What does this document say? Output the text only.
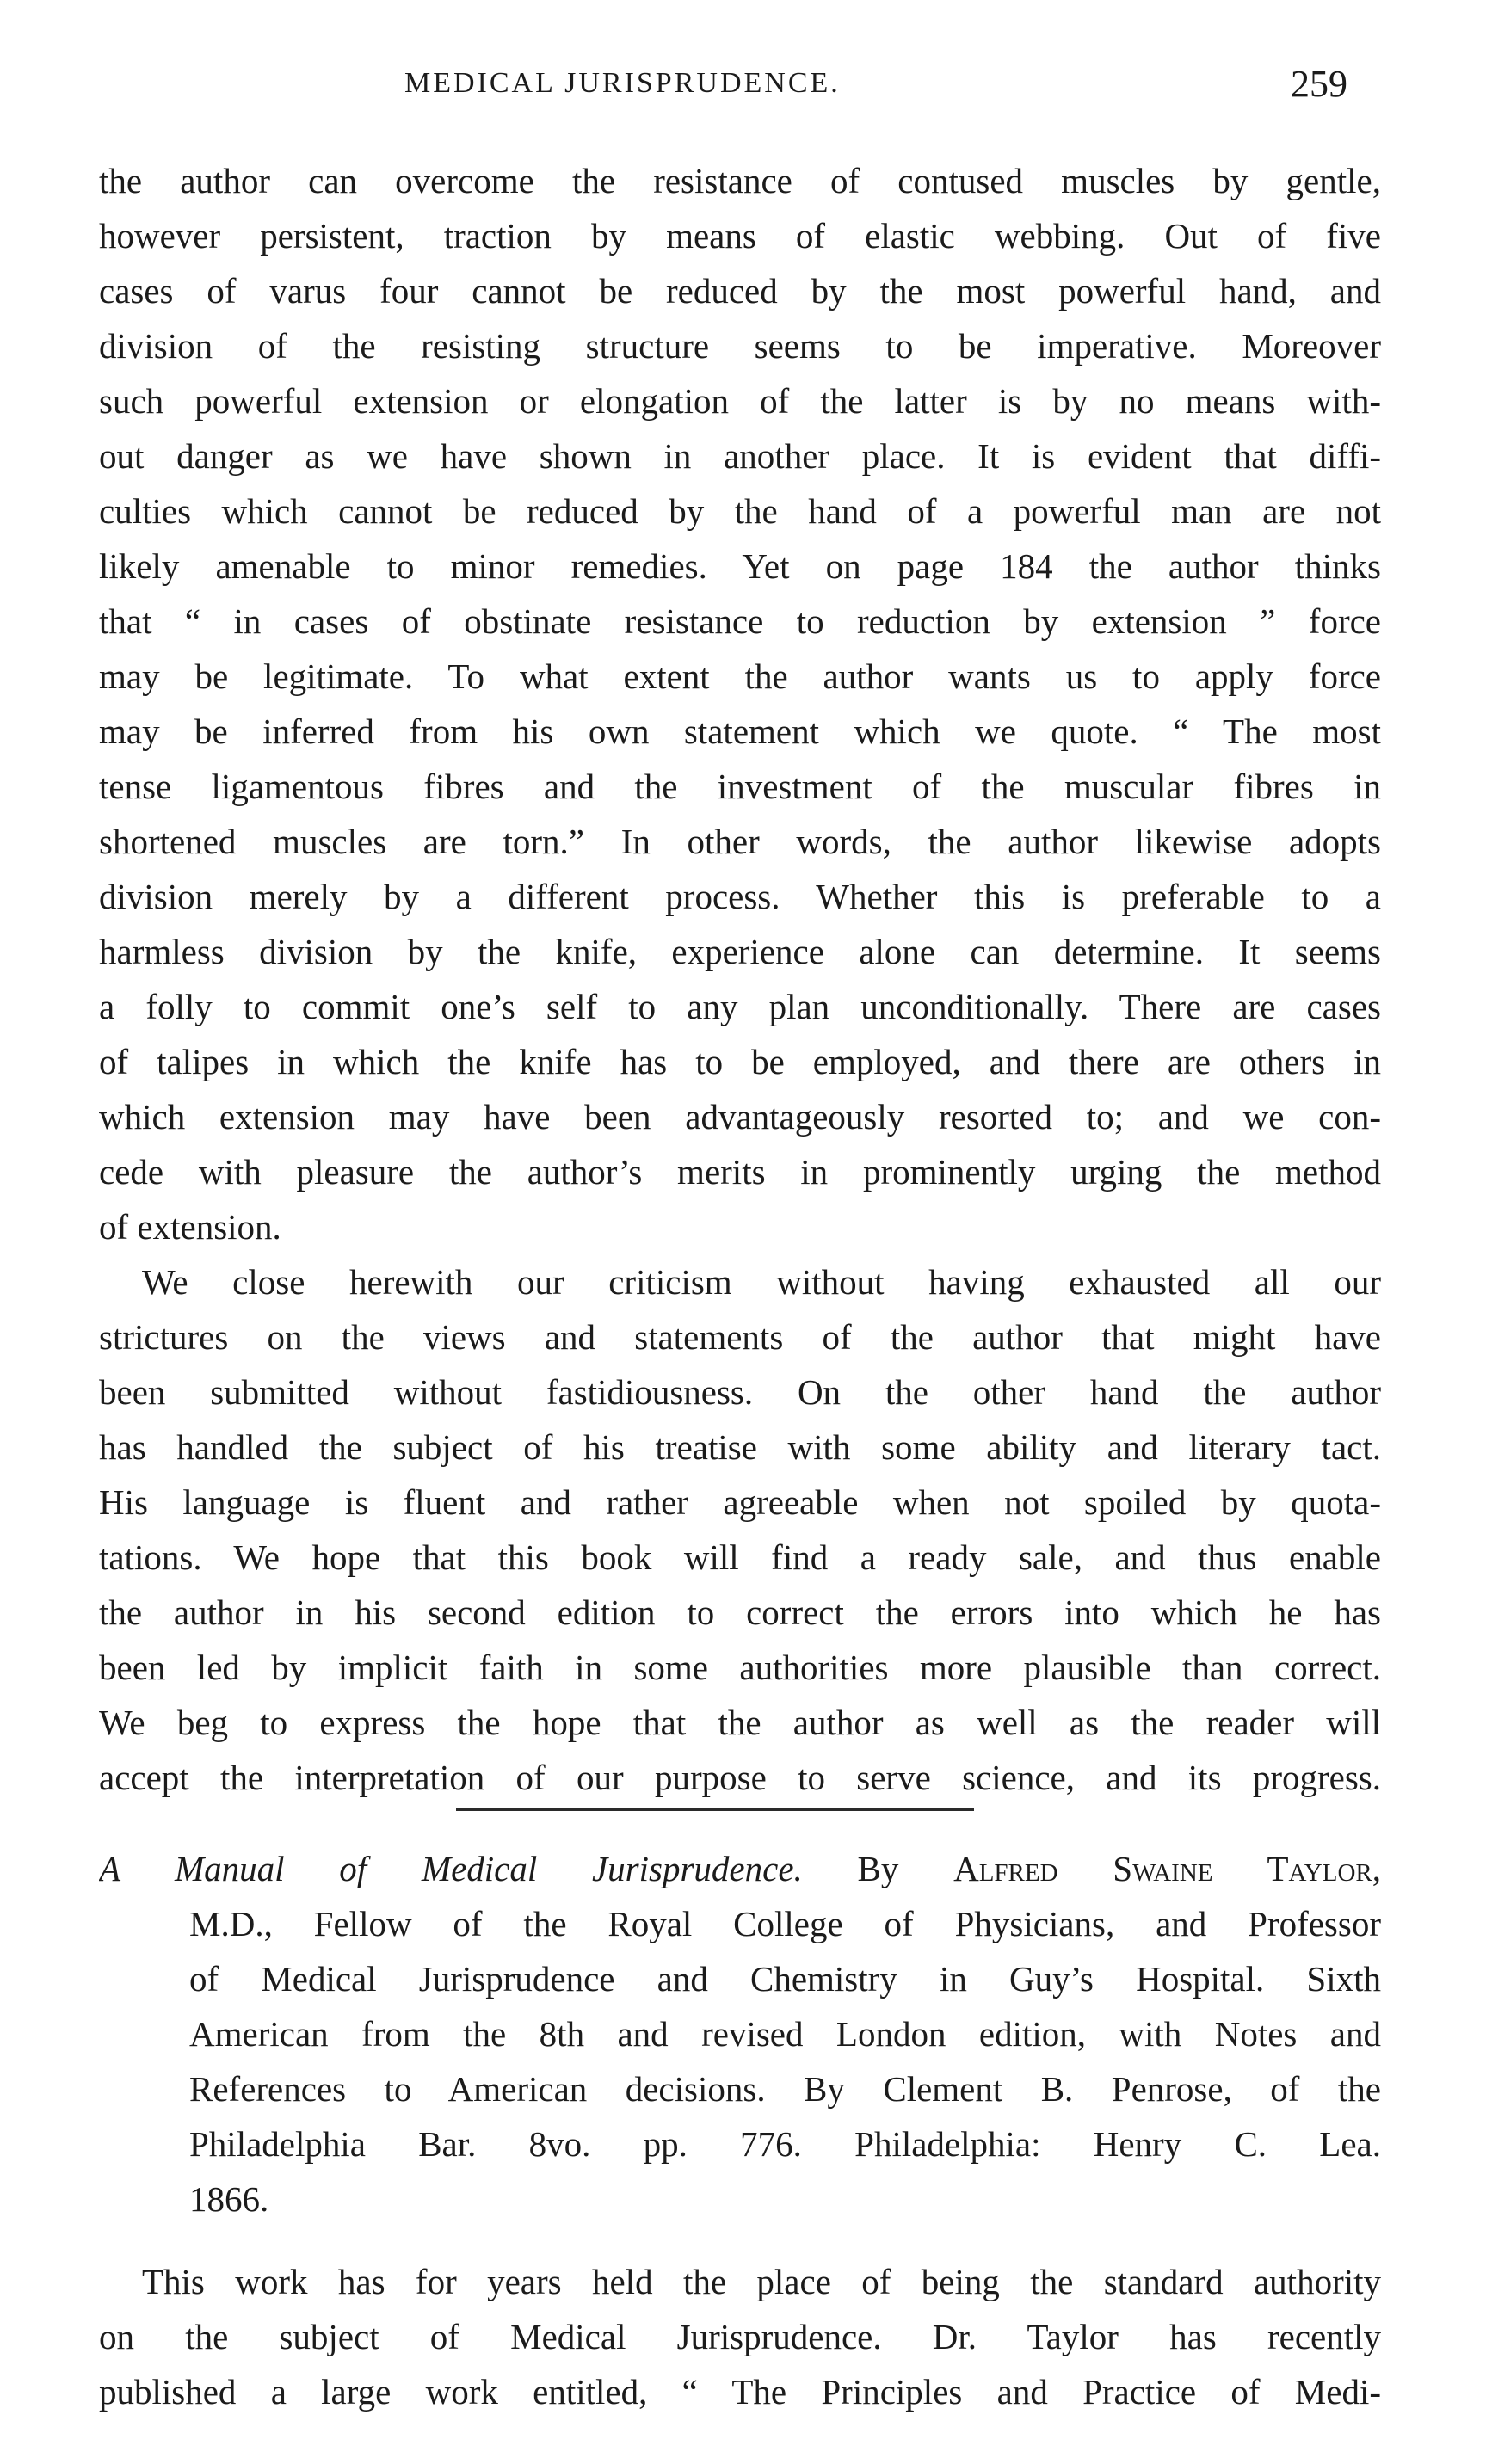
MEDICAL JURISPRUDENCE.	259
the author can overcome the resistance of contused muscles by gentle,
however persistent, traction by means of elastic webbing. Out of five
cases of varus four cannot be reduced by the most powerful hand, and
division of the resisting structure seems to be imperative. Moreover
such powerful extension or elongation of the latter is by no means with-
out danger as we have shown in another place. It is evident that diffi-
culties which cannot be reduced by the hand of a powerful man are not
likely amenable to minor remedies. Yet on page 184 the author thinks
that “ in cases of obstinate resistance to reduction by extension ” force
may be legitimate. To what extent the author wants us to apply force
may be inferred from his own statement which we quote. “ The most
tense ligamentous fibres and the investment of the muscular fibres in
shortened muscles are torn.” In other words, the author likewise adopts
division merely by a different process. Whether this is preferable to a
harmless division by the knife, experience alone can determine. It seems
a folly to commit one’s self to any plan unconditionally. There are cases
of talipes in which the knife has to be employed, and there are others in
which extension may have been advantageously resorted to; and we con-
cede with pleasure the author’s merits in prominently urging the method
of extension.
We close herewith our criticism without having exhausted all our
strictures on the views and statements of the author that might have
been submitted without fastidiousness. On the other hand the author
has handled the subject of his treatise with some ability and literary tact.
His language is fluent and rather agreeable when not spoiled by quota-
tations. We hope that this book will find a ready sale, and thus enable
the author in his second edition to correct the errors into which he has
been led by implicit faith in some authorities more plausible than correct.
We beg to express the hope that the author as well as the reader will
accept the interpretation of our purpose to serve science, and its progress.
A Manual of Medical Jurisprudence. By Alfred Swaine Taylor,
M.D., Fellow of the Royal College of Physicians, and Professor
of Medical Jurisprudence and Chemistry in Guy’s Hospital. Sixth
American from the 8th and revised London edition, with Notes and
References to American decisions. By Clement B. Penrose, of the
Philadelphia Bar. 8vo. pp. 776. Philadelphia: Henry C. Lea.
1866.
This work has for years held the place of being the standard authority
on the subject of Medical Jurisprudence. Dr. Taylor has recently
published a large work entitled, “ The Principles and Practice of Medi-
